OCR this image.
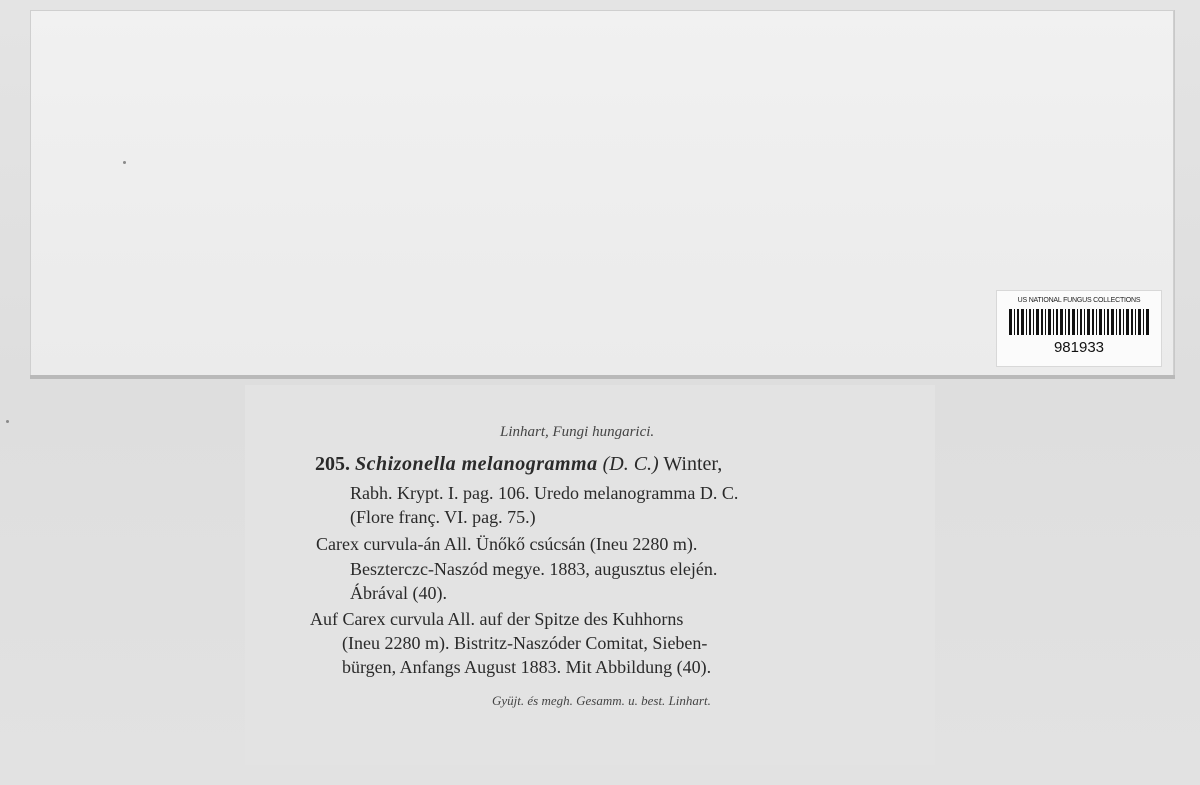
US NATIONAL FUNGUS COLLECTIONS
981933
Linhart, Fungi hungarici.
205. Schizonella melanogramma (D. C.) Winter,
Rabh. Krypt. I. pag. 106. Uredo melanogramma D. C.
(Flore franç. VI. pag. 75.)
Carex curvula-án All. Ünőkő csúcsán (Ineu 2280 m).
Beszterczc-Naszód megye. 1883, augusztus elején.
Ábrával (40).
Auf Carex curvula All. auf der Spitze des Kuhhorns
(Ineu 2280 m). Bistritz-Naszóder Comitat, Sieben-
bürgen, Anfangs August 1883. Mit Abbildung (40).
Gyüjt. és megh. Gesamm. u. best. Linhart.
